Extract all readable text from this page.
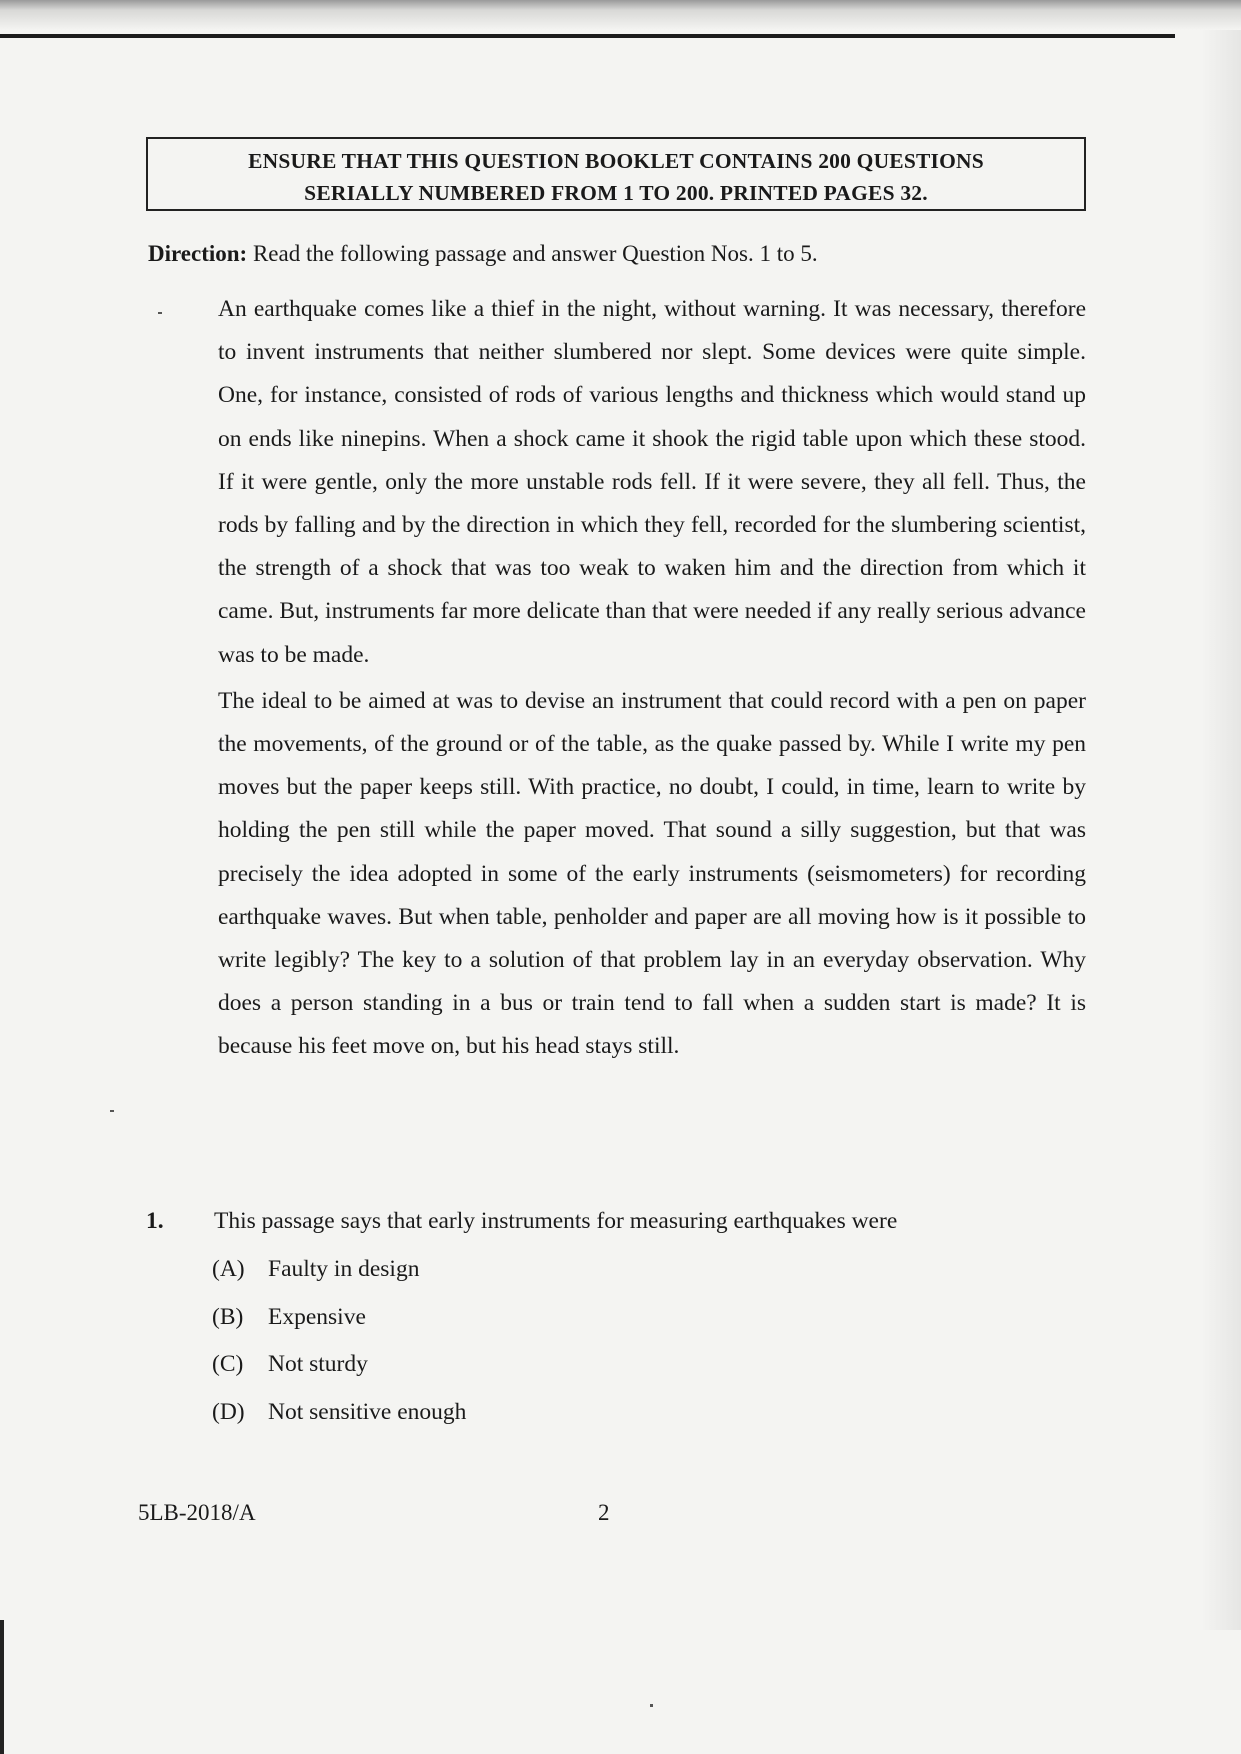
ENSURE THAT THIS QUESTION BOOKLET CONTAINS 200 QUESTIONS
SERIALLY NUMBERED FROM 1 TO 200. PRINTED PAGES 32.
Direction: Read the following passage and answer Question Nos. 1 to 5.

An earthquake comes like a thief in the night, without warning. It was necessary, therefore to invent instruments that neither slumbered nor slept. Some devices were quite simple. One, for instance, consisted of rods of various lengths and thickness which would stand up on ends like ninepins. When a shock came it shook the rigid table upon which these stood. If it were gentle, only the more unstable rods fell. If it were severe, they all fell. Thus, the rods by falling and by the direction in which they fell, recorded for the slumbering scientist, the strength of a shock that was too weak to waken him and the direction from which it came. But, instruments far more delicate than that were needed if any really serious advance was to be made.

The ideal to be aimed at was to devise an instrument that could record with a pen on paper the movements, of the ground or of the table, as the quake passed by. While I write my pen moves but the paper keeps still. With practice, no doubt, I could, in time, learn to write by holding the pen still while the paper moved. That sound a silly suggestion, but that was precisely the idea adopted in some of the early instruments (seismometers) for recording earthquake waves. But when table, penholder and paper are all moving how is it possible to write legibly? The key to a solution of that problem lay in an everyday observation. Why does a person standing in a bus or train tend to fall when a sudden start is made? It is because his feet move on, but his head stays still.

1. This passage says that early instruments for measuring earthquakes were
(A) Faulty in design
(B) Expensive
(C) Not sturdy
(D) Not sensitive enough
5LB-2018/A	2
